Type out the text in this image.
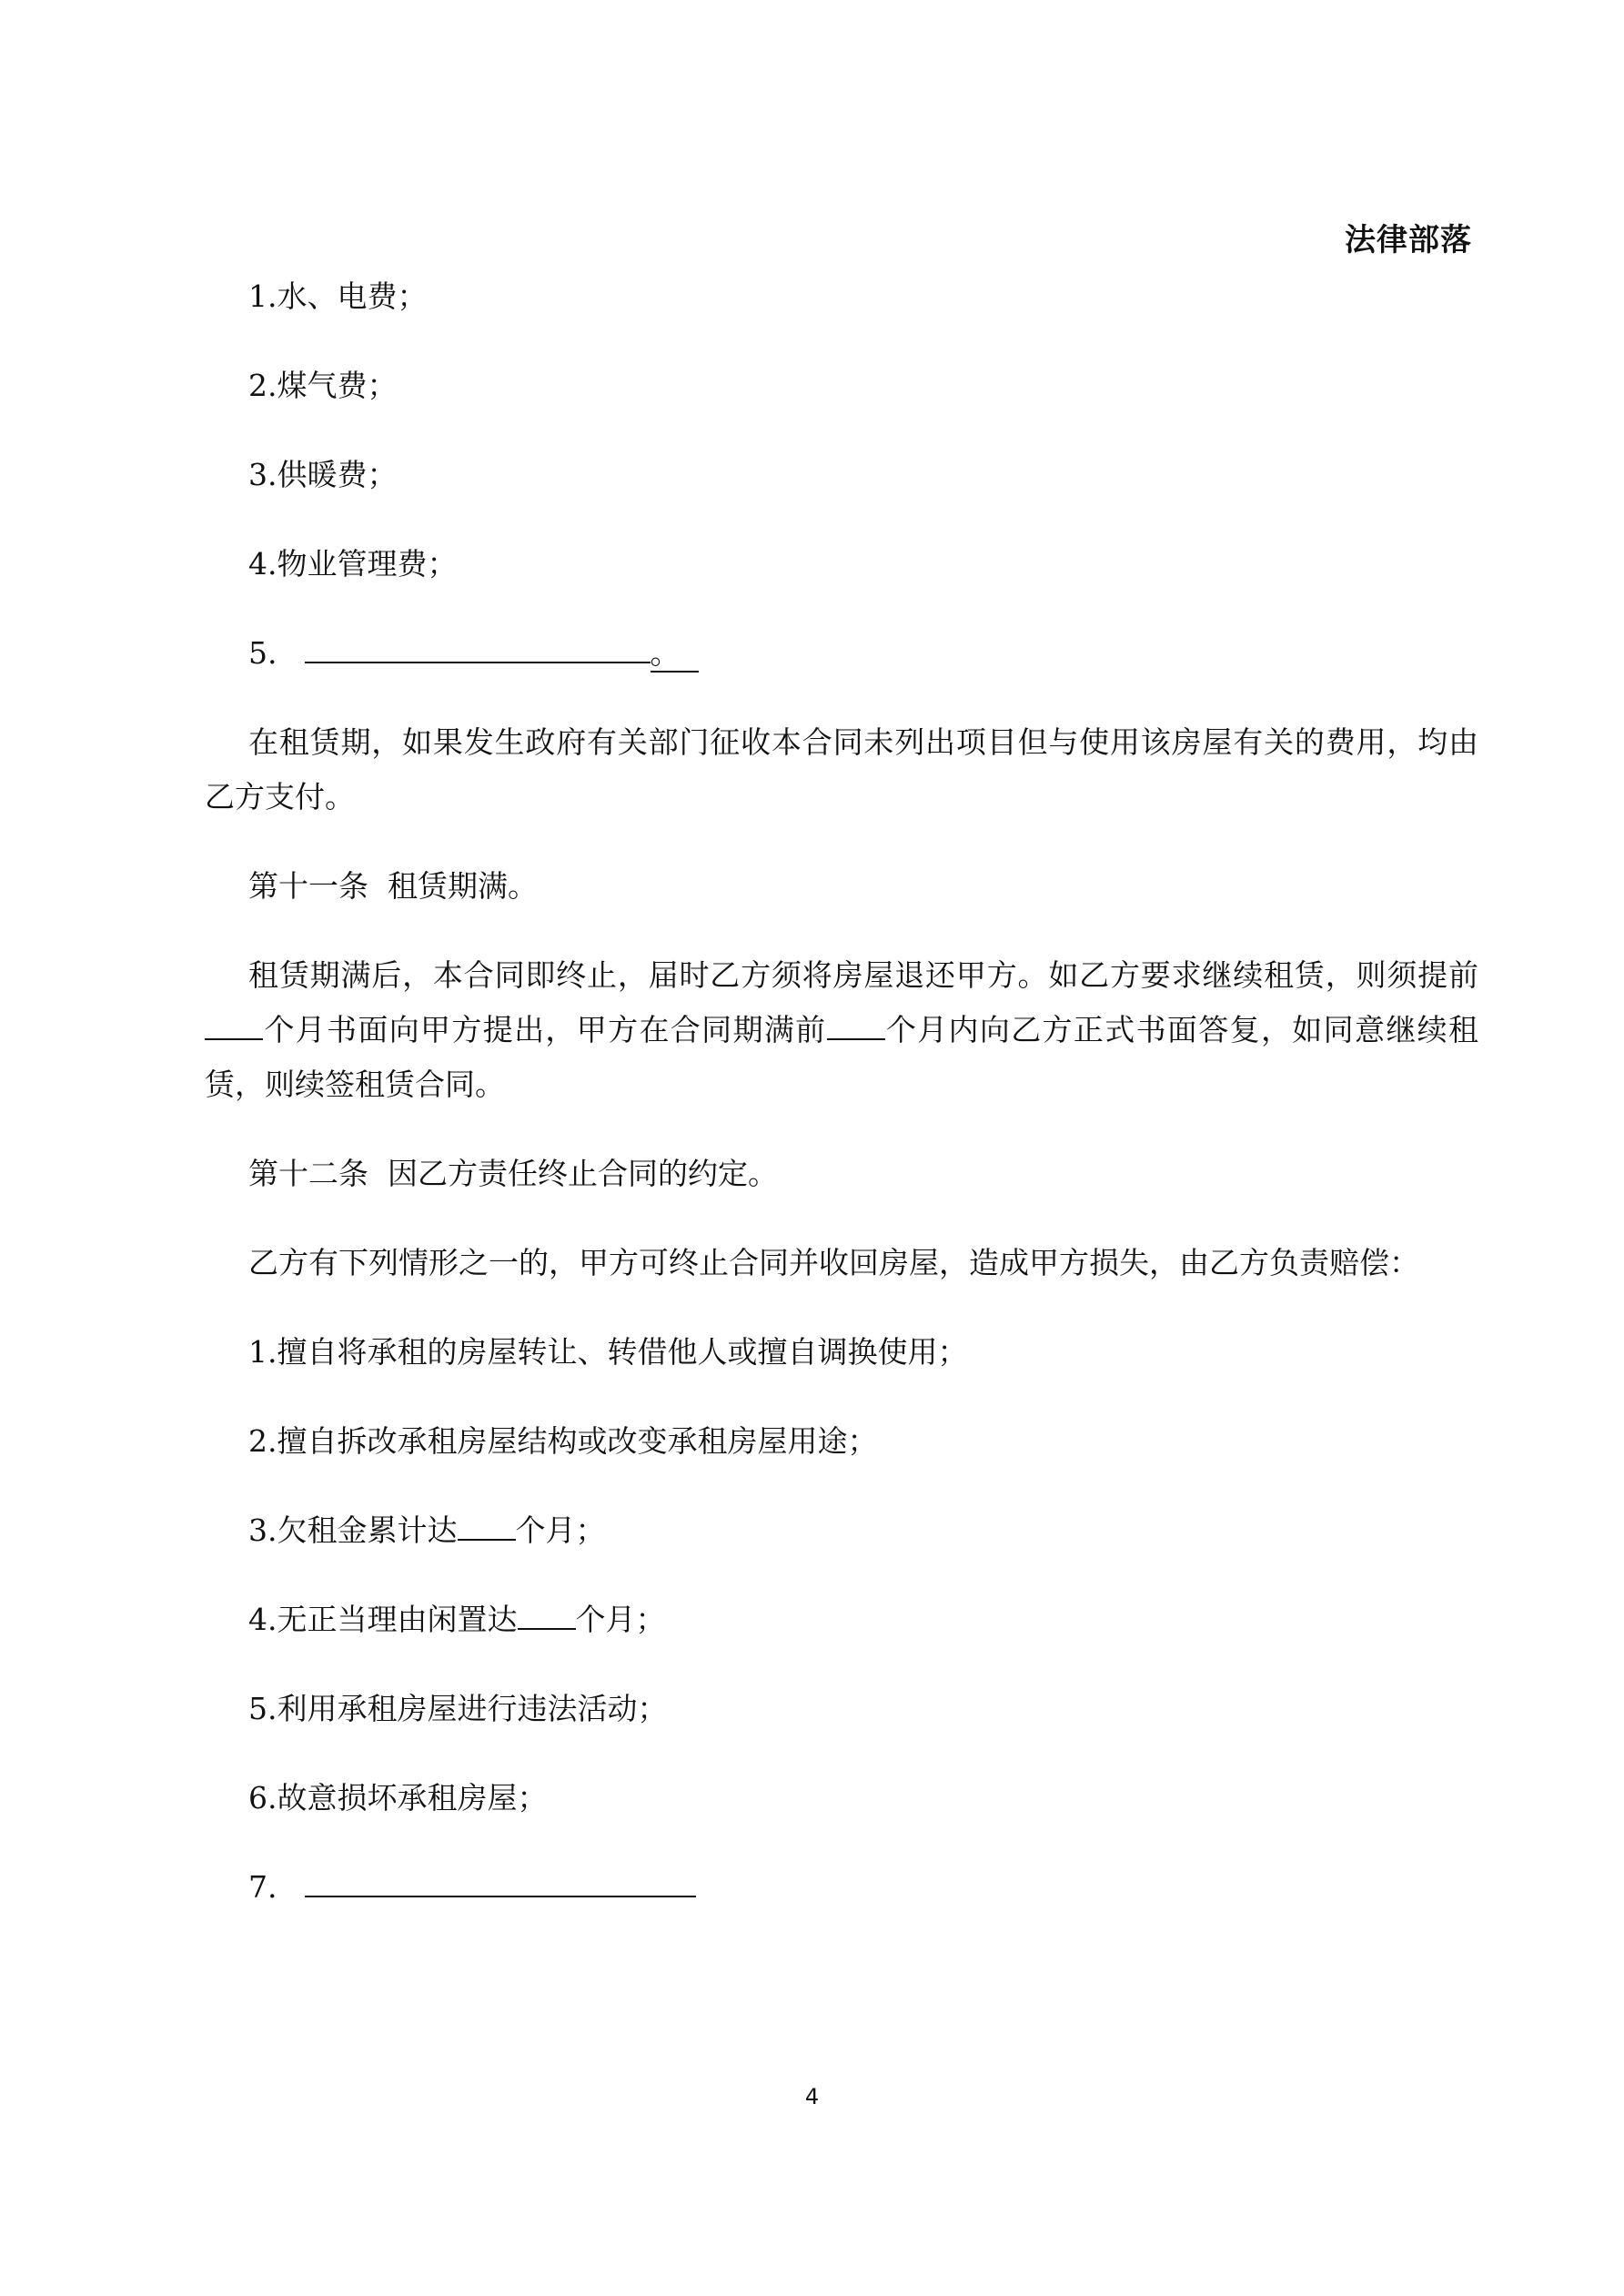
法律部落
1.水、电费；
2.煤气费；
3.供暖费；
4.物业管理费；
5.	。
在租赁期，如果发生政府有关部门征收本合同未列出项目但与使用该房屋有关的费用，均由乙方支付。
第十一条  租赁期满。
租赁期满后，本合同即终止，届时乙方须将房屋退还甲方。如乙方要求继续租赁，则须提前个月书面向甲方提出，甲方在合同期满前 个月内向乙方正式书面答复，如同意继续租赁，则续签租赁合同。
第十二条  因乙方责任终止合同的约定。
乙方有下列情形之一的，甲方可终止合同并收回房屋，造成甲方损失，由乙方负责赔偿：
1.擅自将承租的房屋转让、转借他人或擅自调换使用；
2.擅自拆改承租房屋结构或改变承租房屋用途；
3.欠租金累计达 个月；
4.无正当理由闲置达 个月；
5.利用承租房屋进行违法活动；
6.故意损坏承租房屋；
7.
4
